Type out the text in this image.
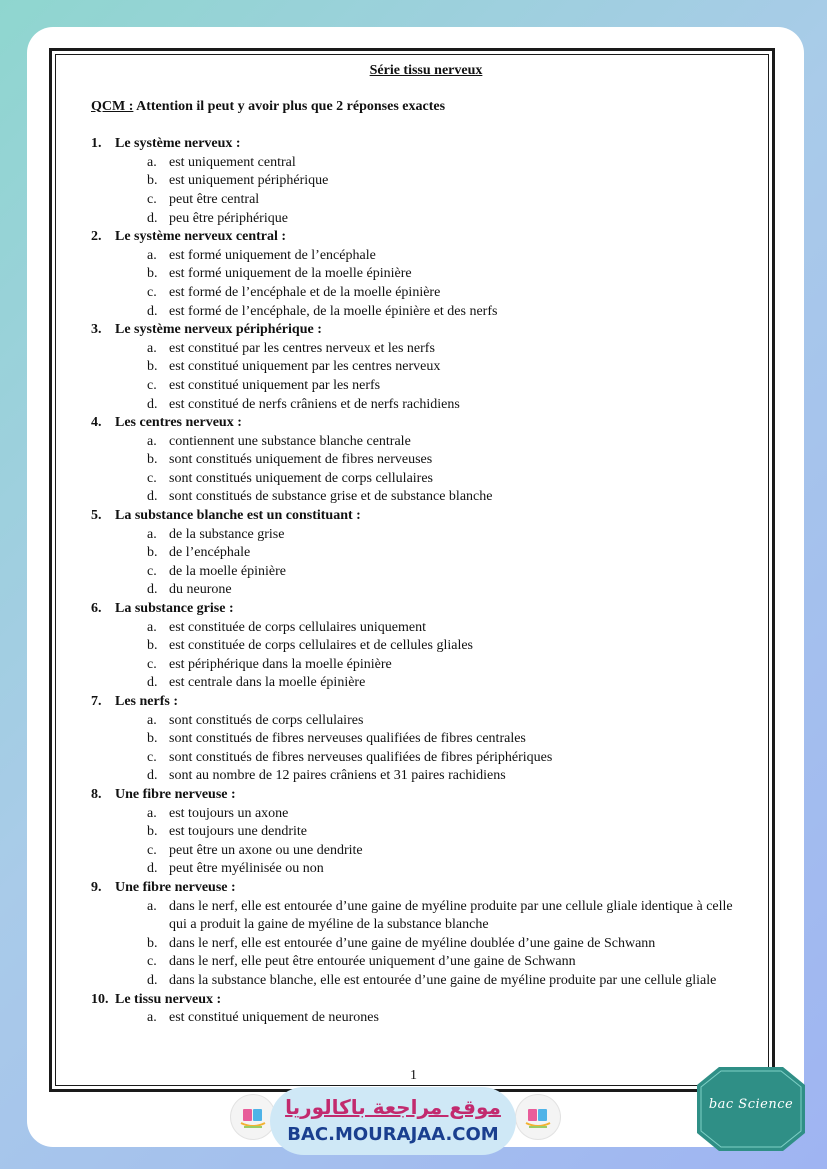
Série tissu nerveux
QCM : Attention il peut y avoir plus que 2 réponses exactes
1. Le système nerveux :
a. est uniquement central
b. est uniquement périphérique
c. peut être central
d. peu être périphérique
2. Le système nerveux central :
a. est formé uniquement de l’encéphale
b. est formé uniquement de la moelle épinière
c. est formé de l’encéphale et de la moelle épinière
d. est formé de l’encéphale, de la moelle épinière et des nerfs
3. Le système nerveux périphérique :
a. est constitué par les centres nerveux et les nerfs
b. est constitué uniquement par les centres nerveux
c. est constitué uniquement par les nerfs
d. est constitué de nerfs crâniens et de nerfs rachidiens
4. Les centres nerveux :
a. contiennent une substance blanche centrale
b. sont constitués uniquement de fibres nerveuses
c. sont constitués uniquement de corps cellulaires
d. sont constitués de substance grise et de substance blanche
5. La substance blanche est un constituant :
a. de la substance grise
b. de l’encéphale
c. de la moelle épinière
d. du neurone
6. La substance grise :
a. est constituée de corps cellulaires uniquement
b. est constituée de corps cellulaires et de cellules gliales
c. est périphérique dans la moelle épinière
d. est centrale dans la moelle épinière
7. Les nerfs :
a. sont constitués de corps cellulaires
b. sont constitués de fibres nerveuses qualifiées de fibres centrales
c. sont constitués de fibres nerveuses qualifiées de fibres périphériques
d. sont au nombre de 12 paires crâniens et 31 paires rachidiens
8. Une fibre nerveuse :
a. est toujours un axone
b. est toujours une dendrite
c. peut être un axone ou une dendrite
d. peut être myélinisée ou non
9. Une fibre nerveuse :
a. dans le nerf, elle est entourée d’une gaine de myéline produite par une cellule gliale identique à celle qui a produit la gaine de myéline de la substance blanche
b. dans le nerf, elle est entourée d’une gaine de myéline doublée d’une gaine de Schwann
c. dans le nerf, elle peut être entourée uniquement d’une gaine de Schwann
d. dans la substance blanche, elle est entourée d’une gaine de myéline produite par une cellule gliale
10. Le tissu nerveux :
a. est constitué uniquement de neurones
1
موقع مراجعة باكالوريا
BAC.MOURAJAA.COM
bac Science
